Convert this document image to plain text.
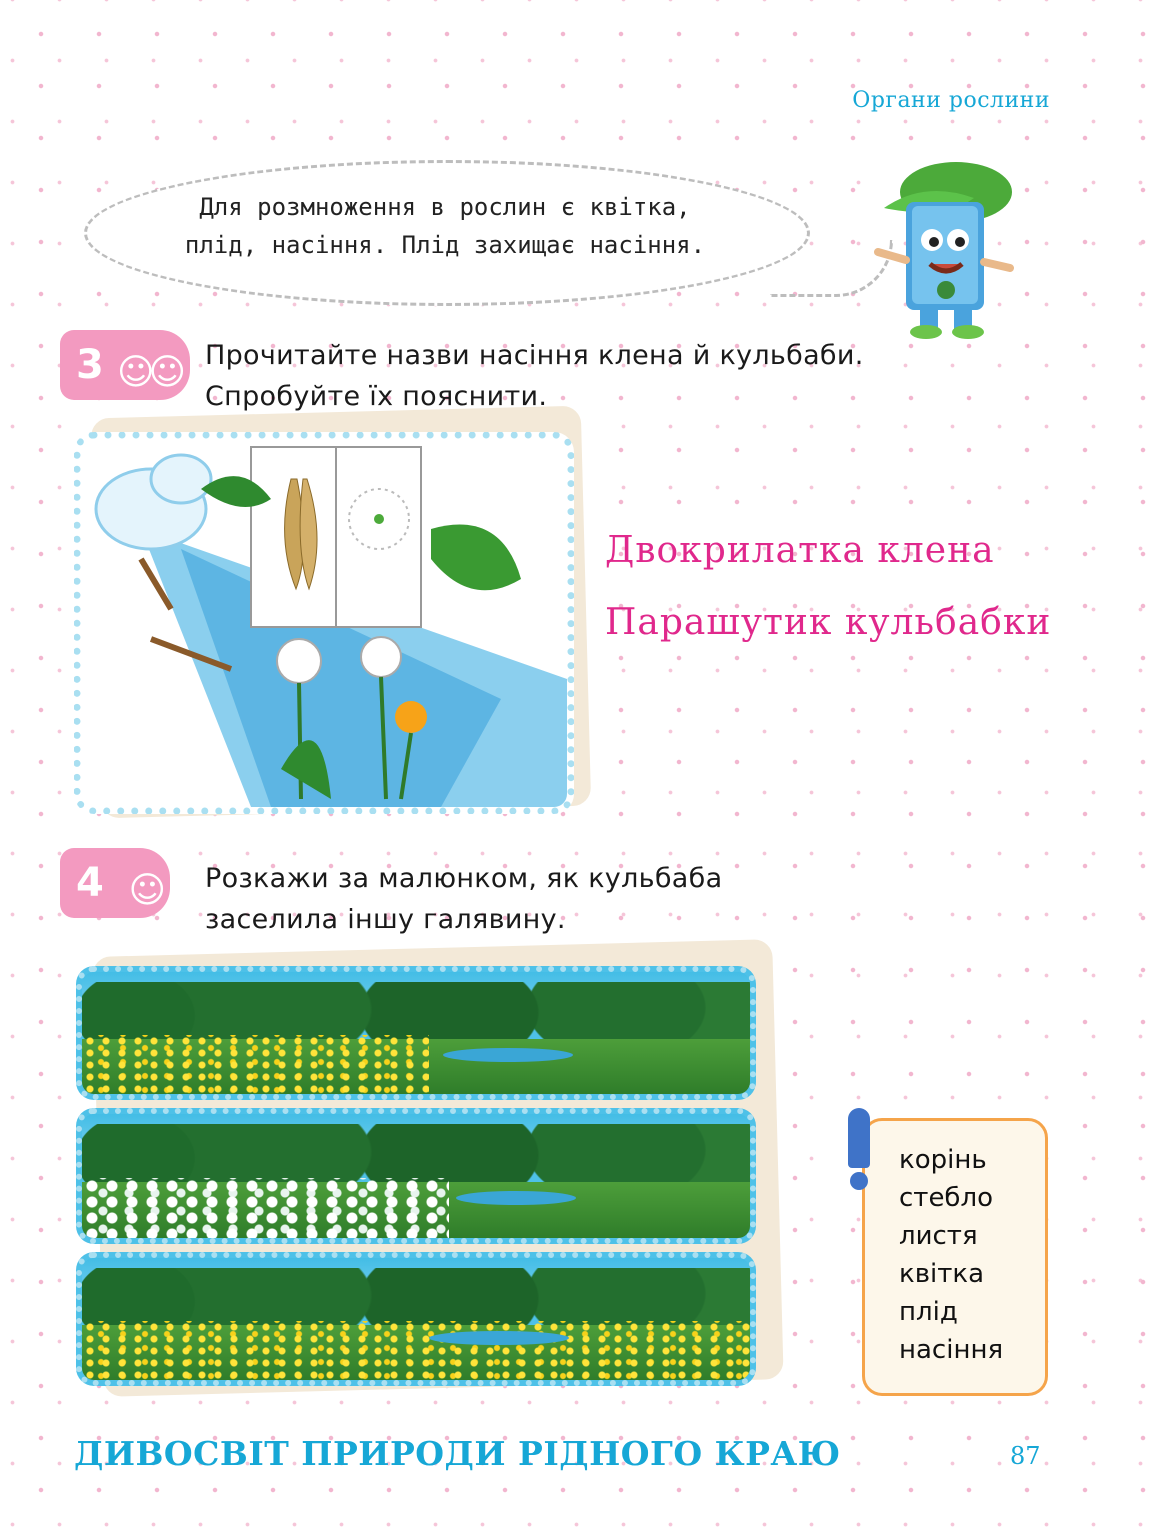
Органи рослини
Для розмноження в рослин є квітка,
плід, насіння. Плід захищає насіння.
3 ☺☺ Прочитайте назви насіння клена й кульбаби.
Спробуйте їх пояснити.
Двокрилатка клена
Парашутик кульбабки
4 ☺ Розкажи за малюнком, як кульбаба
заселила іншу галявину.
корінь
стебло
листя
квітка
плід
насіння
ДИВОСВІТ ПРИРОДИ РІДНОГО КРАЮ	87
